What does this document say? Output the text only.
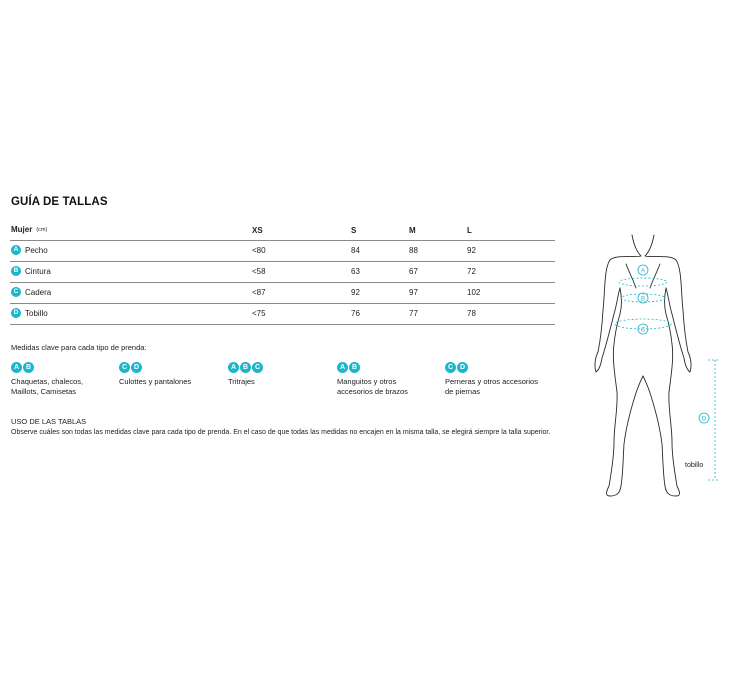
GUÍA DE TALLAS
Mujer (cm)	XS	S	M	L
A Pecho	<80	84	88	92
B Cintura	<58	63	67	72
C Cadera	<87	92	97	102
D Tobillo	<75	76	77	78
Medidas clave para cada tipo de prenda:
A B
Chaquetas, chalecos,
Maillots, Camisetas
C D
Culottes y pantalones
A B C
Tritrajes
A B
Manguitos y otros
accesorios de brazos
C D
Perneras y otros accesorios
de piernas
USO DE LAS TABLAS
Observe cuáles son todas las medidas clave para cada tipo de prenda. En el caso de que todas las medidas no encajen en la misma talla, se elegirá siempre la talla superior.
A
B
C
D
tobillo
